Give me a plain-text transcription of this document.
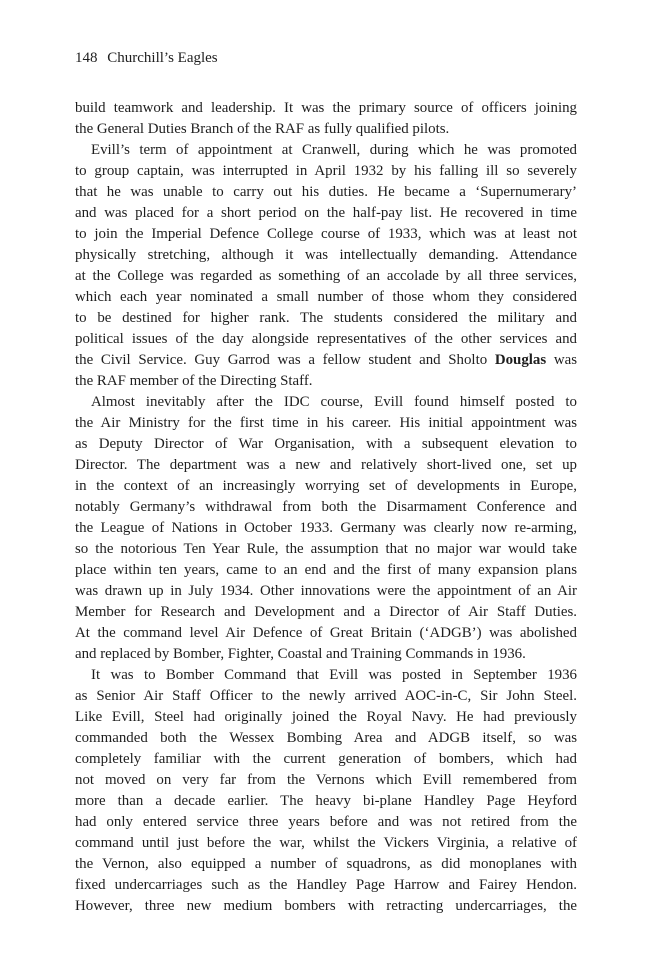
148 Churchill’s Eagles

build teamwork and leadership. It was the primary source of officers joining
the General Duties Branch of the RAF as fully qualified pilots.

Evill’s term of appointment at Cranwell, during which he was promoted
to group captain, was interrupted in April 1932 by his falling ill so severely
that he was unable to carry out his duties. He became a ‘Supernumerary’
and was placed for a short period on the half-pay list. He recovered in time
to join the Imperial Defence College course of 1933, which was at least not
physically stretching, although it was intellectually demanding. Attendance
at the College was regarded as something of an accolade by all three services,
which each year nominated a small number of those whom they considered
to be destined for higher rank. The students considered the military and
political issues of the day alongside representatives of the other services and
the Civil Service. Guy Garrod was a fellow student and Sholto Douglas was
the RAF member of the Directing Staff.

Almost inevitably after the IDC course, Evill found himself posted to
the Air Ministry for the first time in his career. His initial appointment was
as Deputy Director of War Organisation, with a subsequent elevation to
Director. The department was a new and relatively short-lived one, set up
in the context of an increasingly worrying set of developments in Europe,
notably Germany’s withdrawal from both the Disarmament Conference and
the League of Nations in October 1933. Germany was clearly now re-arming,
so the notorious Ten Year Rule, the assumption that no major war would take
place within ten years, came to an end and the first of many expansion plans
was drawn up in July 1934. Other innovations were the appointment of an Air
Member for Research and Development and a Director of Air Staff Duties.
At the command level Air Defence of Great Britain (‘ADGB’) was abolished
and replaced by Bomber, Fighter, Coastal and Training Commands in 1936.

It was to Bomber Command that Evill was posted in September 1936
as Senior Air Staff Officer to the newly arrived AOC-in-C, Sir John Steel.
Like Evill, Steel had originally joined the Royal Navy. He had previously
commanded both the Wessex Bombing Area and ADGB itself, so was
completely familiar with the current generation of bombers, which had
not moved on very far from the Vernons which Evill remembered from
more than a decade earlier. The heavy bi-plane Handley Page Heyford
had only entered service three years before and was not retired from the
command until just before the war, whilst the Vickers Virginia, a relative of
the Vernon, also equipped a number of squadrons, as did monoplanes with
fixed undercarriages such as the Handley Page Harrow and Fairey Hendon.
However, three new medium bombers with retracting undercarriages, the
